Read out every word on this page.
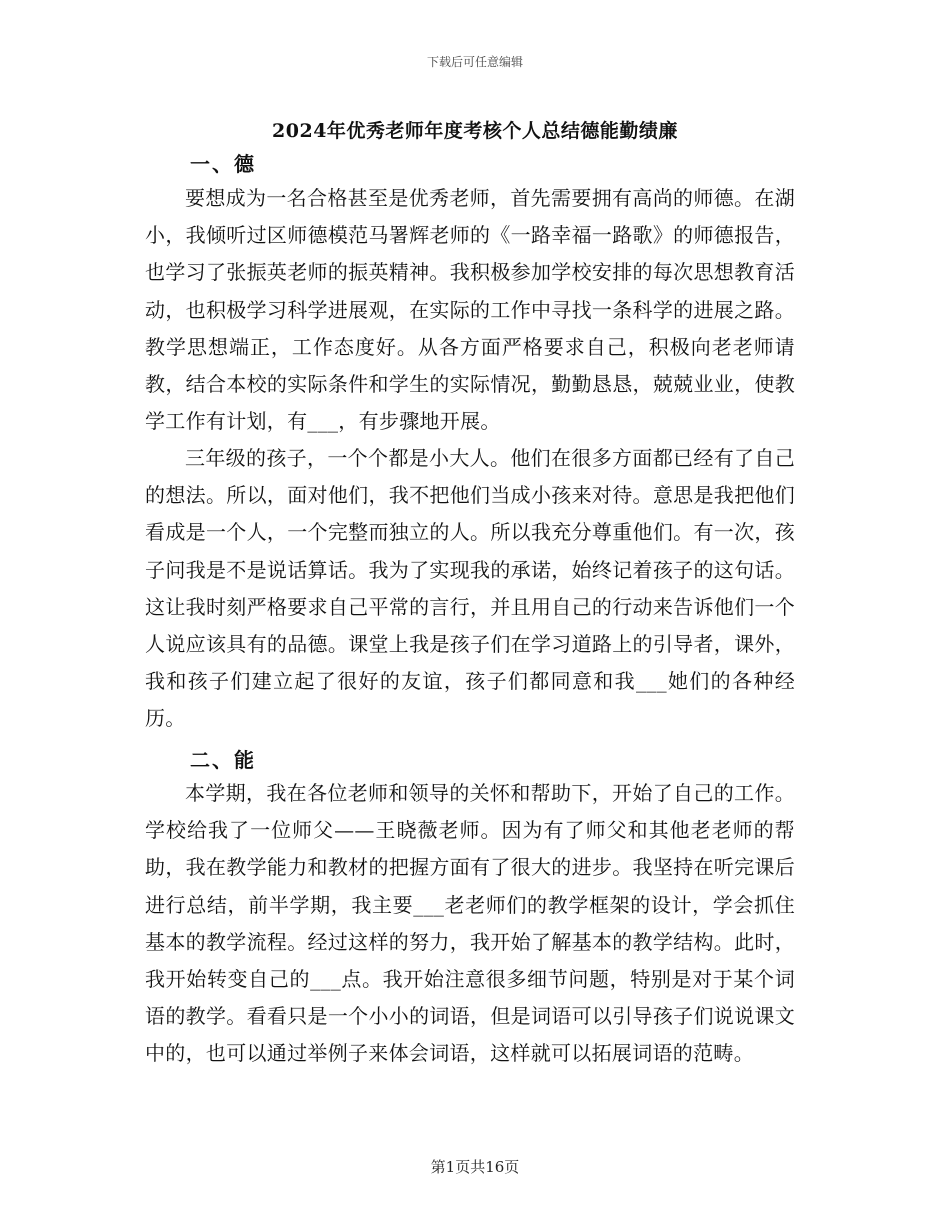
下载后可任意编辑
2024年优秀老师年度考核个人总结德能勤绩廉
一、德

要想成为一名合格甚至是优秀老师，首先需要拥有高尚的师德。在湖小，我倾听过区师德模范马署辉老师的《一路幸福一路歌》的师德报告，也学习了张振英老师的振英精神。我积极参加学校安排的每次思想教育活动，也积极学习科学进展观，在实际的工作中寻找一条科学的进展之路。教学思想端正，工作态度好。从各方面严格要求自己，积极向老老师请教，结合本校的实际条件和学生的实际情况，勤勤恳恳，兢兢业业，使教学工作有计划，有___，有步骤地开展。

三年级的孩子，一个个都是小大人。他们在很多方面都已经有了自己的想法。所以，面对他们，我不把他们当成小孩来对待。意思是我把他们看成是一个人，一个完整而独立的人。所以我充分尊重他们。有一次，孩子问我是不是说话算话。我为了实现我的承诺，始终记着孩子的这句话。这让我时刻严格要求自己平常的言行，并且用自己的行动来告诉他们一个人说应该具有的品德。课堂上我是孩子们在学习道路上的引导者，课外，我和孩子们建立起了很好的友谊，孩子们都同意和我___她们的各种经历。

二、能

本学期，我在各位老师和领导的关怀和帮助下，开始了自己的工作。学校给我了一位师父——王晓薇老师。因为有了师父和其他老老师的帮助，我在教学能力和教材的把握方面有了很大的进步。我坚持在听完课后进行总结，前半学期，我主要___老老师们的教学框架的设计，学会抓住基本的教学流程。经过这样的努力，我开始了解基本的教学结构。此时，我开始转变自己的___点。我开始注意很多细节问题，特别是对于某个词语的教学。看看只是一个小小的词语，但是词语可以引导孩子们说说课文中的，也可以通过举例子来体会词语，这样就可以拓展词语的范畴。

第1页共16页
